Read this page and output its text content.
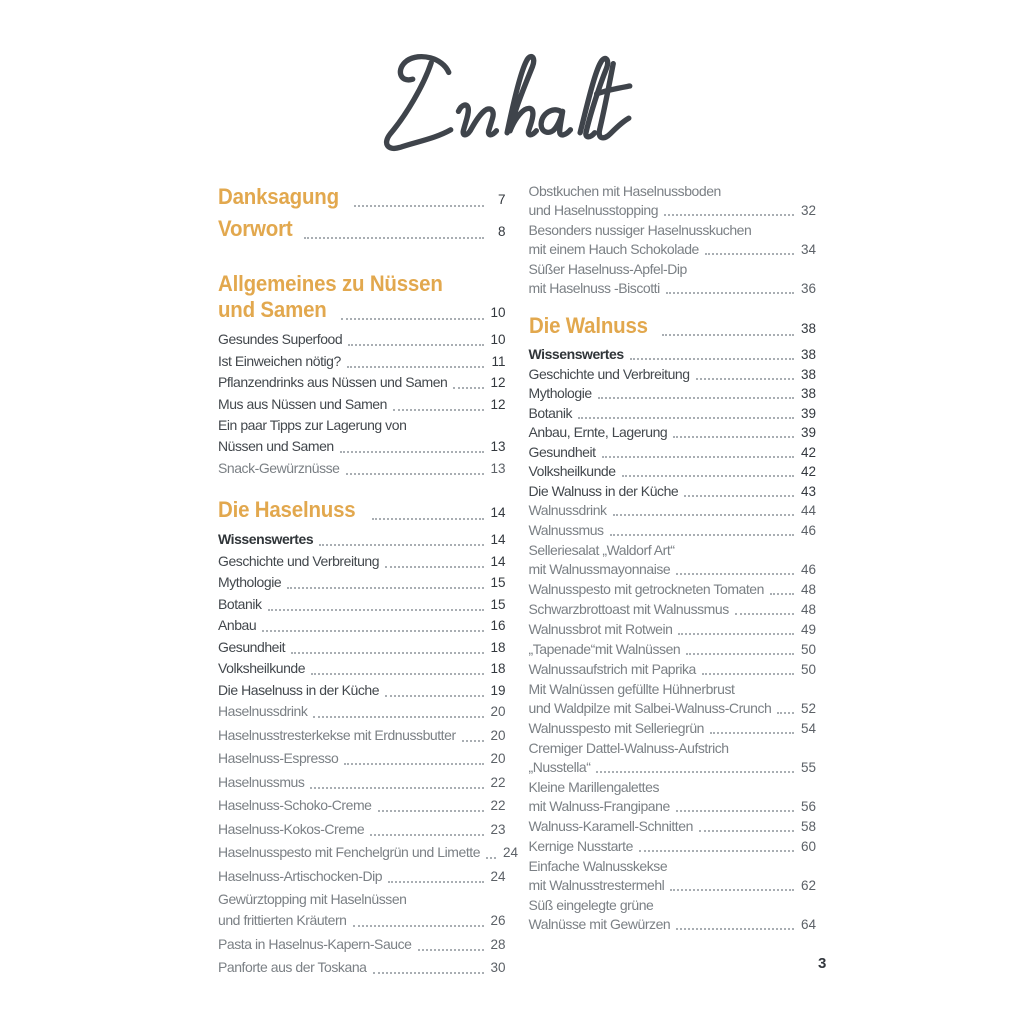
Danksagung	7
Vorwort	8
Allgemeines zu Nüssen
und Samen	10
Gesundes Superfood	10
Ist Einweichen nötig?	11
Pflanzendrinks aus Nüssen und Samen	12
Mus aus Nüssen und Samen	12
Ein paar Tipps zur Lagerung von
Nüssen und Samen	13
Snack-Gewürznüsse	13
Die Haselnuss	14
Wissenswertes	14
Geschichte und Verbreitung	14
Mythologie	15
Botanik	15
Anbau	16
Gesundheit	18
Volksheilkunde	18
Die Haselnuss in der Küche	19
Haselnussdrink	20
Haselnusstresterkekse mit Erdnussbutter	20
Haselnuss-Espresso	20
Haselnussmus	22
Haselnuss-Schoko-Creme	22
Haselnuss-Kokos-Creme	23
Haselnusspesto mit Fenchelgrün und Limette 24
Haselnuss-Artischocken-Dip	24
Gewürztopping mit Haselnüssen
und frittierten Kräutern	26
Pasta in Haselnus-Kapern-Sauce	28
Panforte aus der Toskana	30
Obstkuchen mit Haselnussboden
und Haselnusstopping	32
Besonders nussiger Haselnusskuchen
mit einem Hauch Schokolade	34
Süßer Haselnuss-Apfel-Dip
mit Haselnuss -Biscotti	36
Die Walnuss	38
Wissenswertes	38
Geschichte und Verbreitung	38
Mythologie	38
Botanik	39
Anbau, Ernte, Lagerung	39
Gesundheit	42
Volksheilkunde	42
Die Walnuss in der Küche	43
Walnussdrink	44
Walnussmus	46
Selleriesalat „Waldorf Art“
mit Walnussmayonnaise	46
Walnusspesto mit getrockneten Tomaten	48
Schwarzbrottoast mit Walnussmus	48
Walnussbrot mit Rotwein	49
„Tapenade“mit Walnüssen	50
Walnussaufstrich mit Paprika	50
Mit Walnüssen gefüllte Hühnerbrust
und Waldpilze mit Salbei-Walnuss-Crunch 52
Walnusspesto mit Selleriegrün	54
Cremiger Dattel-Walnuss-Aufstrich
„Nusstella“	55
Kleine Marillengalettes
mit Walnuss-Frangipane	56
Walnuss-Karamell-Schnitten	58
Kernige Nusstarte	60
Einfache Walnusskekse
mit Walnusstrestermehl	62
Süß eingelegte grüne
Walnüsse mit Gewürzen	64
3
